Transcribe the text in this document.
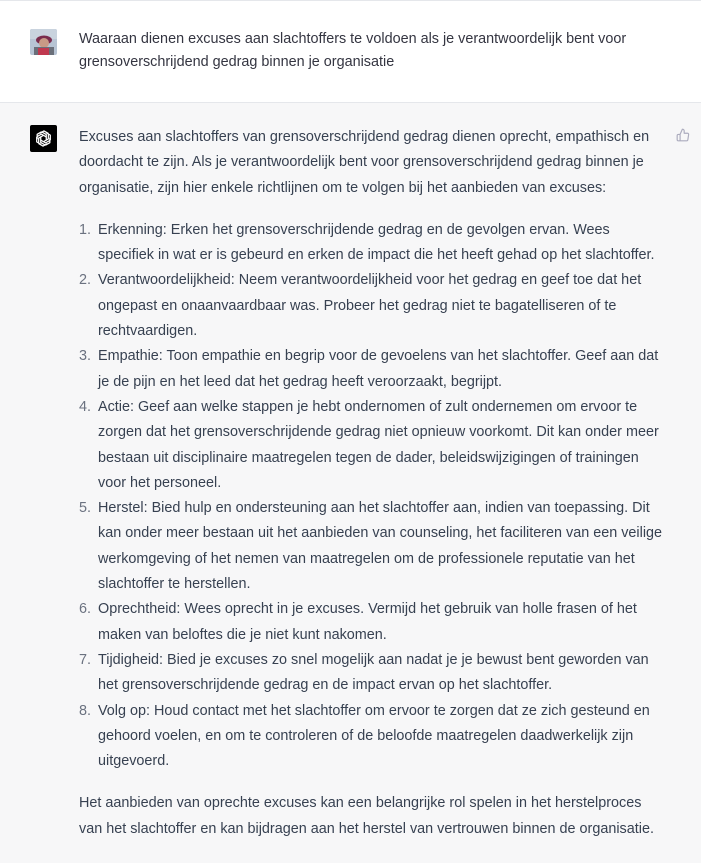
Waaraan dienen excuses aan slachtoffers te voldoen als je verantwoordelijk bent voor grensoverschrijdend gedrag binnen je organisatie

Excuses aan slachtoffers van grensoverschrijdend gedrag dienen oprecht, empathisch en doordacht te zijn. Als je verantwoordelijk bent voor grensoverschrijdend gedrag binnen je organisatie, zijn hier enkele richtlijnen om te volgen bij het aanbieden van excuses:

1. Erkenning: Erken het grensoverschrijdende gedrag en de gevolgen ervan. Wees specifiek in wat er is gebeurd en erken de impact die het heeft gehad op het slachtoffer.
2. Verantwoordelijkheid: Neem verantwoordelijkheid voor het gedrag en geef toe dat het ongepast en onaanvaardbaar was. Probeer het gedrag niet te bagatelliseren of te rechtvaardigen.
3. Empathie: Toon empathie en begrip voor de gevoelens van het slachtoffer. Geef aan dat je de pijn en het leed dat het gedrag heeft veroorzaakt, begrijpt.
4. Actie: Geef aan welke stappen je hebt ondernomen of zult ondernemen om ervoor te zorgen dat het grensoverschrijdende gedrag niet opnieuw voorkomt. Dit kan onder meer bestaan uit disciplinaire maatregelen tegen de dader, beleidswijzigingen of trainingen voor het personeel.
5. Herstel: Bied hulp en ondersteuning aan het slachtoffer aan, indien van toepassing. Dit kan onder meer bestaan uit het aanbieden van counseling, het faciliteren van een veilige werkomgeving of het nemen van maatregelen om de professionele reputatie van het slachtoffer te herstellen.
6. Oprechtheid: Wees oprecht in je excuses. Vermijd het gebruik van holle frasen of het maken van beloftes die je niet kunt nakomen.
7. Tijdigheid: Bied je excuses zo snel mogelijk aan nadat je je bewust bent geworden van het grensoverschrijdende gedrag en de impact ervan op het slachtoffer.
8. Volg op: Houd contact met het slachtoffer om ervoor te zorgen dat ze zich gesteund en gehoord voelen, en om te controleren of de beloofde maatregelen daadwerkelijk zijn uitgevoerd.

Het aanbieden van oprechte excuses kan een belangrijke rol spelen in het herstelproces van het slachtoffer en kan bijdragen aan het herstel van vertrouwen binnen de organisatie.
